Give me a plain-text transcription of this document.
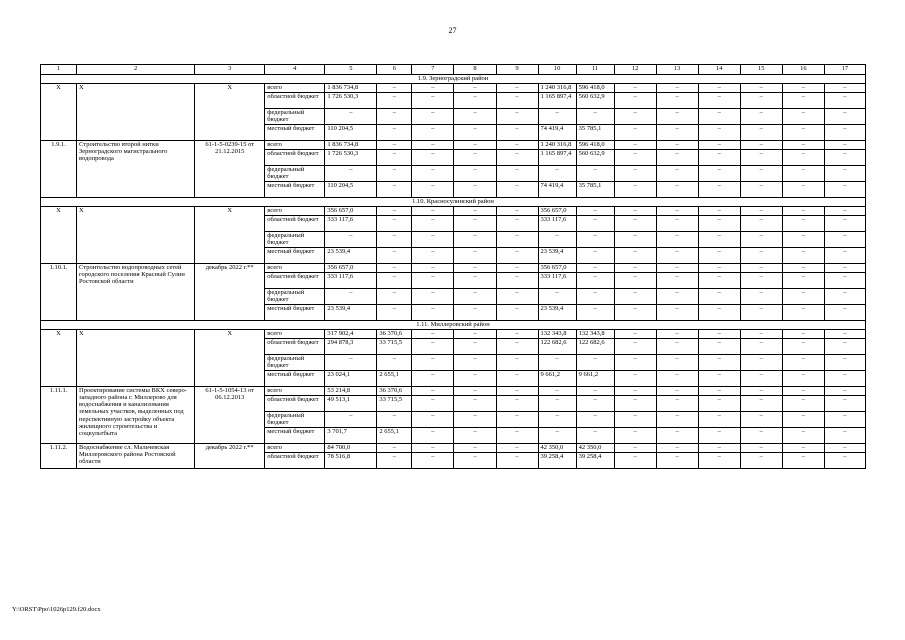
27
1	2	3	4	5	6	7	8	9	10	11	12	13	14	15	16	17
1.9. Зерноградский район																
Х	Х	Х	всего	1 836 734,8	–	–	–	–	1 240 316,8	596 418,0	–	–	–	–	–	–
			областной бюджет	1 726 530,3	–	–	–	–	1 165 897,4	560 632,9	–	–	–	–	–	–
			федеральный бюджет	–	–	–	–	–	–	–	–	–	–	–	–	–
			местный бюджет	110 204,5	–	–	–	–	74 419,4	35 785,1	–	–	–	–	–	–
1.9.1.	Строительство второй нитки Зерноградского магистрального водопровода	61-1-5-0239-15 от 21.12.2015	всего	1 836 734,8	–	–	–	–	1 240 316,8	596 418,0	–	–	–	–	–	–
			областной бюджет	1 726 530,3	–	–	–	–	1 165 897,4	560 632,9	–	–	–	–	–	–
			федеральный бюджет	–	–	–	–	–	–	–	–	–	–	–	–	–
			местный бюджет	110 204,5	–	–	–	–	74 419,4	35 785,1	–	–	–	–	–	–
1.10. Красносулинский район																
Х	Х	Х	всего	356 657,0	–	–	–	–	356 657,0	–	–	–	–	–	–	–
			областной бюджет	333 117,6	–	–	–	–	333 117,6	–	–	–	–	–	–	–
			федеральный бюджет	–	–	–	–	–	–	–	–	–	–	–	–	–
			местный бюджет	23 539,4	–	–	–	–	23 539,4	–	–	–	–	–	–	–
1.10.1.	Строительство водопроводных сетей городского поселения Красный Сулин Ростовской области	декабрь 2022 г.**	всего	356 657,0	–	–	–	–	356 657,0	–	–	–	–	–	–	–
			областной бюджет	333 117,6	–	–	–	–	333 117,6	–	–	–	–	–	–	–
			федеральный бюджет	–	–	–	–	–	–	–	–	–	–	–	–	–
			местный бюджет	23 539,4	–	–	–	–	23 539,4	–	–	–	–	–	–	–
1.11. Миллеровский район																
Х	Х	Х	всего	317 902,4	36 370,6	–	–	–	132 343,8	132 343,8	–	–	–	–	–	–
			областной бюджет	294 878,3	33 715,5	–	–	–	122 682,6	122 682,6	–	–	–	–	–	–
			федеральный бюджет	–	–	–	–	–	–	–	–	–	–	–	–	–
			местный бюджет	23 024,1	2 655,1	–	–	–	9 661,2	9 661,2	–	–	–	–	–	–
1.11.1.	Проектирование системы ВКХ северо-западного района г. Миллерово для водоснабжения и канализования земельных участков, выделенных под перспективную застройку объекта жилищного строительства и соцкультбыта	61-1-5-1054-13 от 06.12.2013	всего	53 214,8	36 370,6	–	–	–	–	–	–	–	–	–	–	–
			областной бюджет	49 513,1	33 715,5	–	–	–	–	–	–	–	–	–	–	–
			федеральный бюджет	–	–	–	–	–	–	–	–	–	–	–	–	–
			местный бюджет	3 701,7	2 655,1	–	–	–	–	–	–	–	–	–	–	–
1.11.2.	Водоснабжение сл. Мальчевская Миллеровского района Ростовской области	декабрь 2022 г.**	всего	84 700,0	–	–	–	–	42 350,0	42 350,0	–	–	–	–	–	–
			областной бюджет	78 516,8	–	–	–	–	39 258,4	39 258,4	–	–	–	–	–	–
Y:\ORST\Ppo\1026p129.f20.docx
